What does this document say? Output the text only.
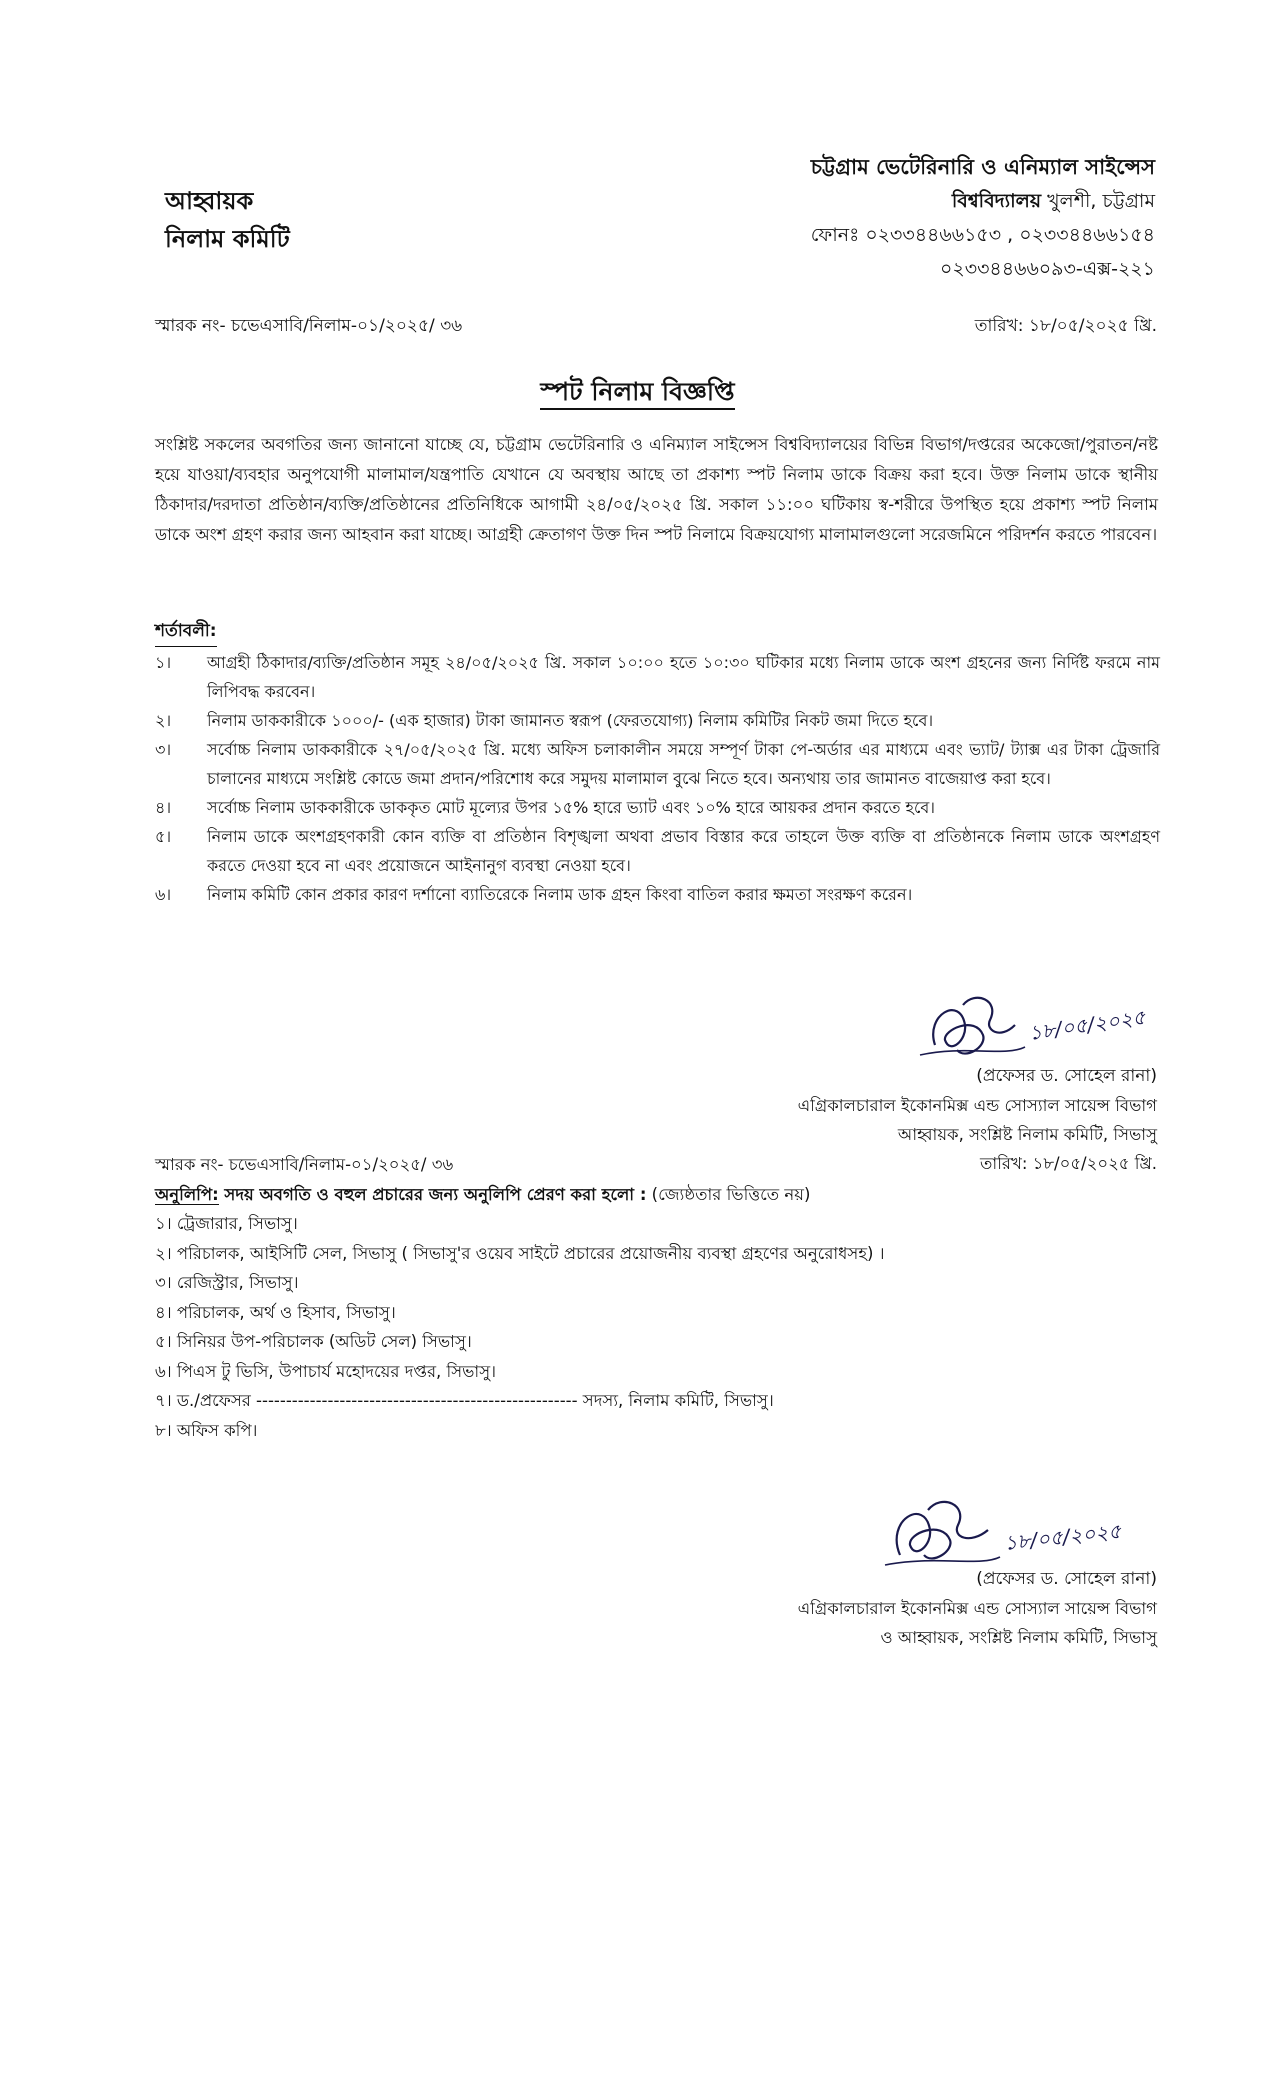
আহ্বায়ক
নিলাম কমিটি
চট্টগ্রাম ভেটেরিনারি ও এনিম্যাল সাইন্সেস
বিশ্ববিদ্যালয় খুলশী, চট্টগ্রাম
ফোনঃ ০২৩৩৪৪৬৬১৫৩ , ০২৩৩৪৪৬৬১৫৪
০২৩৩৪৪৬৬০৯৩-এক্স-২২১
স্মারক নং- চভেএসাবি/নিলাম-০১/২০২৫/ ৩৬	তারিখ: ১৮/০৫/২০২৫ খ্রি.
স্পট নিলাম বিজ্ঞপ্তি
সংশ্লিষ্ট সকলের অবগতির জন্য জানানো যাচ্ছে যে, চট্টগ্রাম ভেটেরিনারি ও এনিম্যাল সাইন্সেস বিশ্ববিদ্যালয়ের বিভিন্ন বিভাগ/দপ্তরের অকেজো/পুরাতন/নষ্ট হয়ে যাওয়া/ব্যবহার অনুপযোগী মালামাল/যন্ত্রপাতি যেখানে যে অবস্থায় আছে তা প্রকাশ্য স্পট নিলাম ডাকে বিক্রয় করা হবে। উক্ত নিলাম ডাকে স্থানীয় ঠিকাদার/দরদাতা প্রতিষ্ঠান/ব্যক্তি/প্রতিষ্ঠানের প্রতিনিধিকে আগামী ২৪/০৫/২০২৫ খ্রি. সকাল ১১:০০ ঘটিকায় স্ব-শরীরে উপস্থিত হয়ে প্রকাশ্য স্পট নিলাম ডাকে অংশ গ্রহণ করার জন্য আহবান করা যাচ্ছে। আগ্রহী ক্রেতাগণ উক্ত দিন স্পট নিলামে বিক্রয়যোগ্য মালামালগুলো সরেজমিনে পরিদর্শন করতে পারবেন।
শর্তাবলী:
১।	আগ্রহী ঠিকাদার/ব্যক্তি/প্রতিষ্ঠান সমূহ ২৪/০৫/২০২৫ খ্রি. সকাল ১০:০০ হতে ১০:৩০ ঘটিকার মধ্যে নিলাম ডাকে অংশ গ্রহনের জন্য নির্দিষ্ট ফরমে নাম লিপিবদ্ধ করবেন।
২।	নিলাম ডাককারীকে ১০০০/- (এক হাজার) টাকা জামানত স্বরূপ (ফেরতযোগ্য) নিলাম কমিটির নিকট জমা দিতে হবে।
৩।	সর্বোচ্চ নিলাম ডাককারীকে ২৭/০৫/২০২৫ খ্রি. মধ্যে অফিস চলাকালীন সময়ে সম্পূর্ণ টাকা পে-অর্ডার এর মাধ্যমে এবং ভ্যাট/ ট্যাক্স এর টাকা ট্রেজারি চালানের মাধ্যমে সংশ্লিষ্ট কোডে জমা প্রদান/পরিশোধ করে সমুদয় মালামাল বুঝে নিতে হবে। অন্যথায় তার জামানত বাজেয়াপ্ত করা হবে।
৪।	সর্বোচ্চ নিলাম ডাককারীকে ডাককৃত মোট মূল্যের উপর ১৫% হারে ভ্যাট এবং ১০% হারে আয়কর প্রদান করতে হবে।
৫।	নিলাম ডাকে অংশগ্রহণকারী কোন ব্যক্তি বা প্রতিষ্ঠান বিশৃঙ্খলা অথবা প্রভাব বিস্তার করে তাহলে উক্ত ব্যক্তি বা প্রতিষ্ঠানকে নিলাম ডাকে অংশগ্রহণ করতে দেওয়া হবে না এবং প্রয়োজনে আইনানুগ ব্যবস্থা নেওয়া হবে।
৬।	নিলাম কমিটি কোন প্রকার কারণ দর্শানো ব্যাতিরেকে নিলাম ডাক গ্রহন কিংবা বাতিল করার ক্ষমতা সংরক্ষণ করেন।
১৮/০৫/২০২৫
(প্রফেসর ড. সোহেল রানা)
এগ্রিকালচারাল ইকোনমিক্স এন্ড সোস্যাল সায়েন্স বিভাগ
আহ্বায়ক, সংশ্লিষ্ট নিলাম কমিটি, সিভাসু
তারিখ: ১৮/০৫/২০২৫ খ্রি.
স্মারক নং- চভেএসাবি/নিলাম-০১/২০২৫/ ৩৬
অনুলিপি: সদয় অবগতি ও বহুল প্রচারের জন্য অনুলিপি প্রেরণ করা হলো : (জ্যেষ্ঠতার ভিত্তিতে নয়)
১। ট্রেজারার, সিভাসু।
২। পরিচালক, আইসিটি সেল, সিভাসু ( সিভাসু'র ওয়েব সাইটে প্রচারের প্রয়োজনীয় ব্যবস্থা গ্রহণের অনুরোধসহ) ।
৩। রেজিস্ট্রার, সিভাসু।
৪। পরিচালক, অর্থ ও হিসাব, সিভাসু।
৫। সিনিয়র উপ-পরিচালক (অডিট সেল) সিভাসু।
৬। পিএস টু ভিসি, উপাচার্য মহোদয়ের দপ্তর, সিভাসু।
৭। ড./প্রফেসর ------------------------------------------------------ সদস্য, নিলাম কমিটি, সিভাসু।
৮। অফিস কপি।
১৮/০৫/২০২৫
(প্রফেসর ড. সোহেল রানা)
এগ্রিকালচারাল ইকোনমিক্স এন্ড সোস্যাল সায়েন্স বিভাগ
ও আহ্বায়ক, সংশ্লিষ্ট নিলাম কমিটি, সিভাসু
